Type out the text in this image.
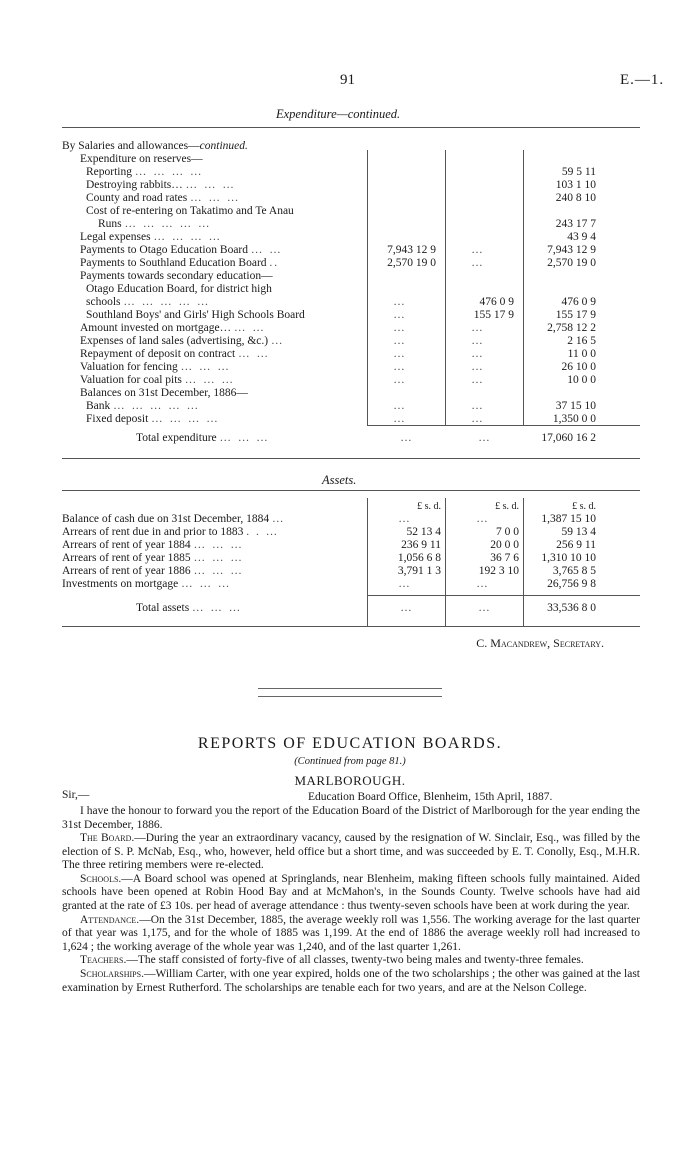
91	E.—1.
Expenditure—continued.
By Salaries and allowances—continued.			
Expenditure on reserves—			
Reporting … … … …			59 5 11
Destroying rabbits… … … …			103 1 10
County and road rates … … …			240 8 10
Cost of re-entering on Takatimo and Te Anau			
Runs … … … … …			243 17 7
Legal expenses … … … …			43 9 4
Payments to Otago Education Board … …	7,943 12 9	…	7,943 12 9
Payments to Southland Education Board ..	2,570 19 0	…	2,570 19 0
Payments towards secondary education—			
Otago Education Board, for district high			
schools … … … … …	…	476 0 9	476 0 9
Southland Boys' and Girls' High Schools Board	…	155 17 9	155 17 9
Amount invested on mortgage… … …	…	…	2,758 12 2
Expenses of land sales (advertising, &c.) …	…	…	2 16 5
Repayment of deposit on contract … …	…	…	11 0 0
Valuation for fencing … … …	…	…	26 10 0
Valuation for coal pits … … …	…	…	10 0 0
Balances on 31st December, 1886—			
Bank … … … … …	…	…	37 15 10
Fixed deposit … … … …	…	…	1,350 0 0
Total expenditure … … …	…	…	17,060 16 2
Assets.
	£ s. d.	£ s. d.	£ s. d.
Balance of cash due on 31st December, 1884 …	…	…	1,387 15 10
Arrears of rent due in and prior to 1883 . . …	52 13 4	7 0 0	59 13 4
Arrears of rent of year 1884 … … …	236 9 11	20 0 0	256 9 11
Arrears of rent of year 1885 … … …	1,056 6 8	36 7 6	1,310 10 10
Arrears of rent of year 1886 … … …	3,791 1 3	192 3 10	3,765 8 5
Investments on mortgage … … …	…	…	26,756 9 8
Total assets … … …	…	…	33,536 8 0
C. Macandrew, Secretary.
REPORTS OF EDUCATION BOARDS.
(Continued from page 81.)
MARLBOROUGH.
Sir,—	Education Board Office, Blenheim, 15th April, 1887.
I have the honour to forward you the report of the Education Board of the District of Marlborough for the year ending the 31st December, 1886.
The Board.—During the year an extraordinary vacancy, caused by the resignation of W. Sinclair, Esq., was filled by the election of S. P. McNab, Esq., who, however, held office but a short time, and was succeeded by E. T. Conolly, Esq., M.H.R. The three retiring members were re-elected.
Schools.—A Board school was opened at Springlands, near Blenheim, making fifteen schools fully maintained. Aided schools have been opened at Robin Hood Bay and at McMahon's, in the Sounds County. Twelve schools have had aid granted at the rate of £3 10s. per head of average attendance : thus twenty-seven schools have been at work during the year.
Attendance.—On the 31st December, 1885, the average weekly roll was 1,556. The working average for the last quarter of that year was 1,175, and for the whole of 1885 was 1,199. At the end of 1886 the average weekly roll had increased to 1,624 ; the working average of the whole year was 1,240, and of the last quarter 1,261.
Teachers.—The staff consisted of forty-five of all classes, twenty-two being males and twenty-three females.
Scholarships.—William Carter, with one year expired, holds one of the two scholarships ; the other was gained at the last examination by Ernest Rutherford. The scholarships are tenable each for two years, and are at the Nelson College.
